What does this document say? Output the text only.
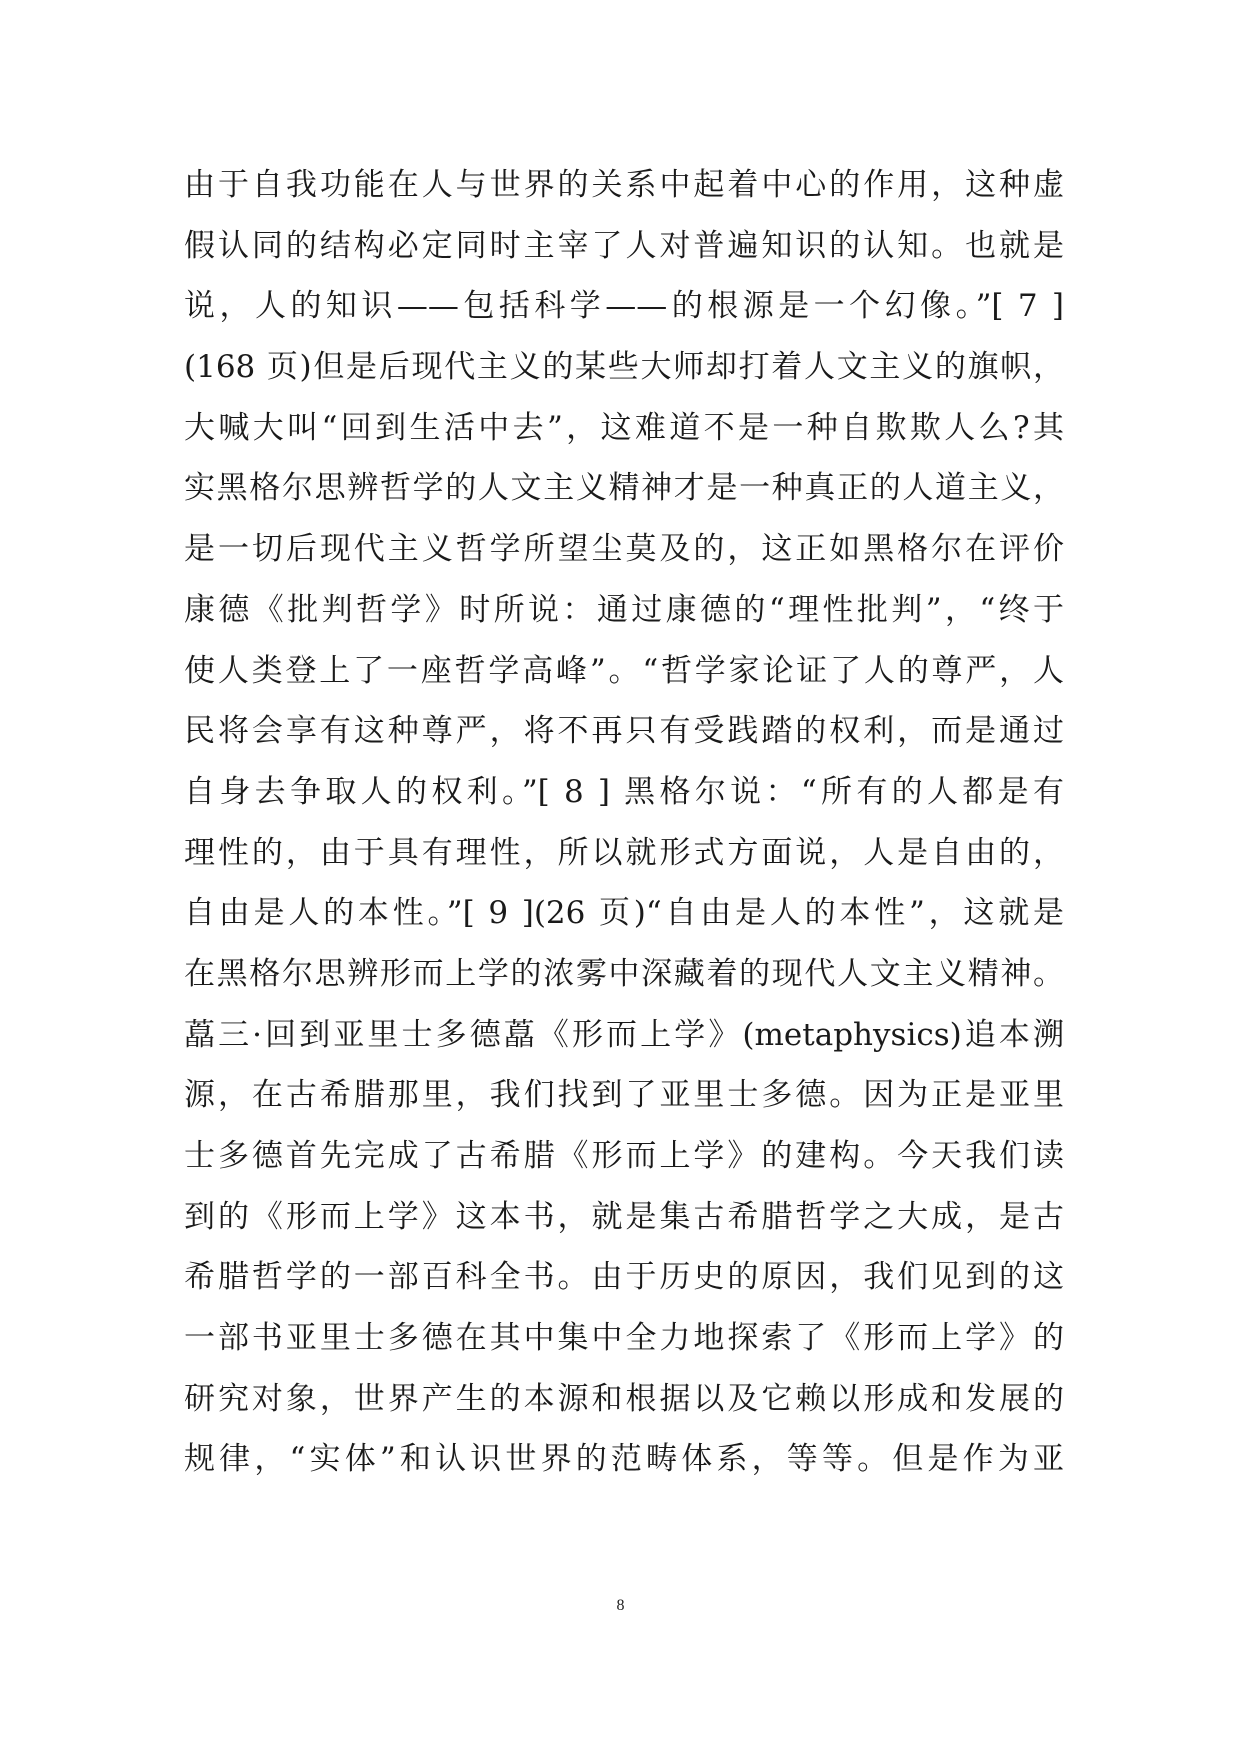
由于自我功能在人与世界的关系中起着中心的作用，这种虚
假认同的结构必定同时主宰了人对普遍知识的认知。也就是
说，人的知识——包括科学——的根源是一个幻像。”[ 7 ]
(168 页)但是后现代主义的某些大师却打着人文主义的旗帜，
大喊大叫“回到生活中去”，这难道不是一种自欺欺人么?其
实黑格尔思辨哲学的人文主义精神才是一种真正的人道主义，
是一切后现代主义哲学所望尘莫及的，这正如黑格尔在评价
康德《批判哲学》时所说：通过康德的“理性批判”，“终于
使人类登上了一座哲学高峰”。“哲学家论证了人的尊严，人
民将会享有这种尊严，将不再只有受践踏的权利，而是通过
自身去争取人的权利。”[ 8 ] 黑格尔说：“所有的人都是有
理性的，由于具有理性，所以就形式方面说，人是自由的，
自由是人的本性。”[ 9 ](26 页)“自由是人的本性”，这就是
在黑格尔思辨形而上学的浓雾中深藏着的现代人文主义精神。
藠三·回到亚里士多德藠《形而上学》(metaphysics)追本溯
源，在古希腊那里，我们找到了亚里士多德。因为正是亚里
士多德首先完成了古希腊《形而上学》的建构。今天我们读
到的《形而上学》这本书，就是集古希腊哲学之大成，是古
希腊哲学的一部百科全书。由于历史的原因，我们见到的这
一部书亚里士多德在其中集中全力地探索了《形而上学》的
研究对象，世界产生的本源和根据以及它赖以形成和发展的
规律，“实体”和认识世界的范畴体系，等等。但是作为亚
8
